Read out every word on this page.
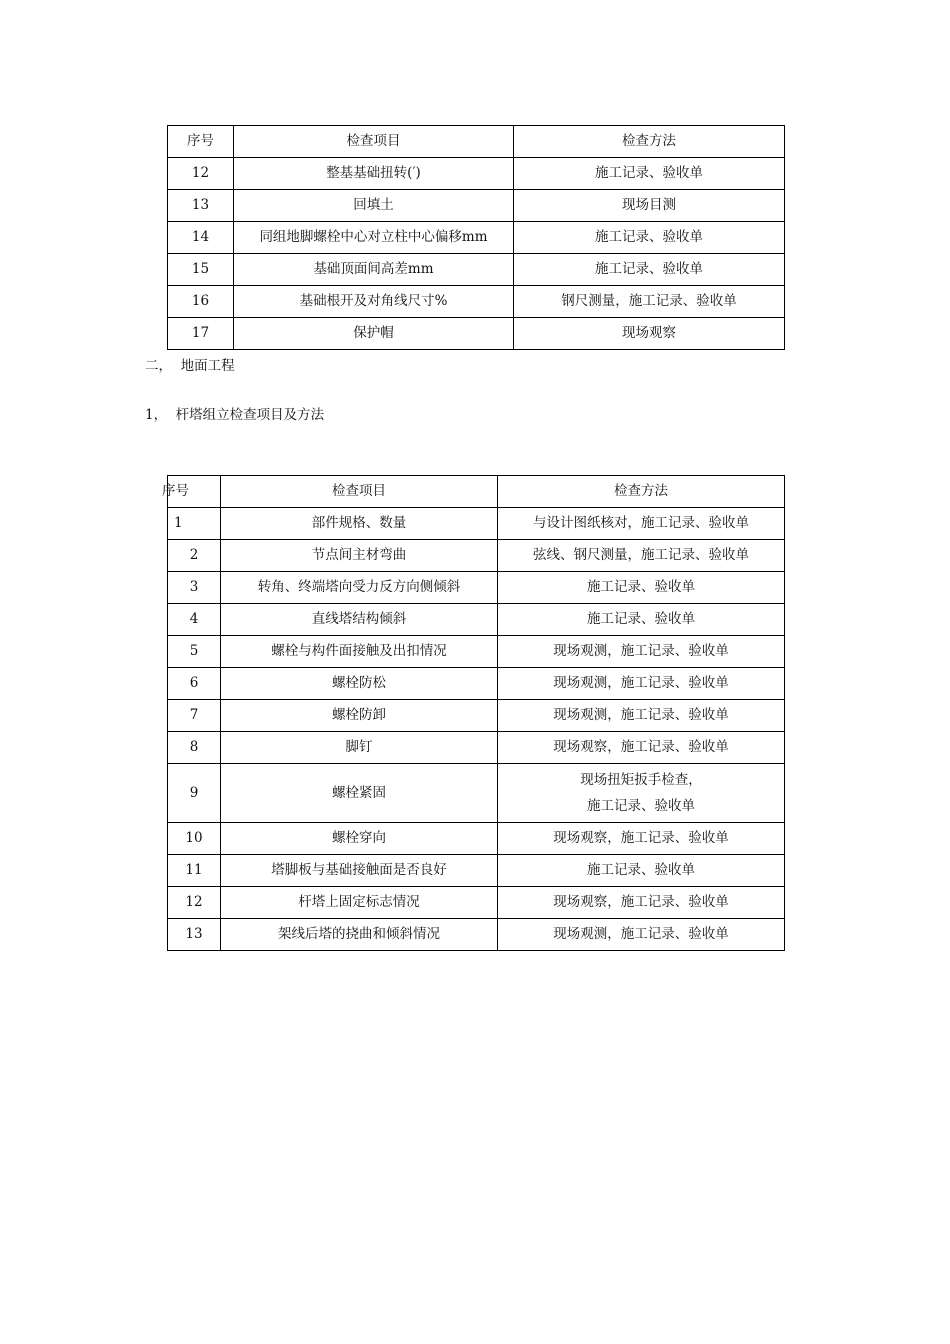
序号	检查项目	检查方法
12	整基基础扭转(′)	施工记录、验收单
13	回填土	现场目测
14	同组地脚螺栓中心对立柱中心偏移mm	施工记录、验收单
15	基础顶面间高差mm	施工记录、验收单
16	基础根开及对角线尺寸%	钢尺测量，施工记录、验收单
17	保护帽	现场观察
二，  地面工程
1，  杆塔组立检查项目及方法
序号	检查项目	检查方法
1	部件规格、数量	与设计图纸核对，施工记录、验收单
2	节点间主材弯曲	弦线、钢尺测量，施工记录、验收单
3	转角、终端塔向受力反方向侧倾斜	施工记录、验收单
4	直线塔结构倾斜	施工记录、验收单
5	螺栓与构件面接触及出扣情况	现场观测，施工记录、验收单
6	螺栓防松	现场观测，施工记录、验收单
7	螺栓防卸	现场观测，施工记录、验收单
8	脚钉	现场观察，施工记录、验收单
9	螺栓紧固	现场扭矩扳手检查，
施工记录、验收单

10	螺栓穿向	现场观察，施工记录、验收单
11	塔脚板与基础接触面是否良好	施工记录、验收单
12	杆塔上固定标志情况	现场观察，施工记录、验收单
13	架线后塔的挠曲和倾斜情况	现场观测，施工记录、验收单
